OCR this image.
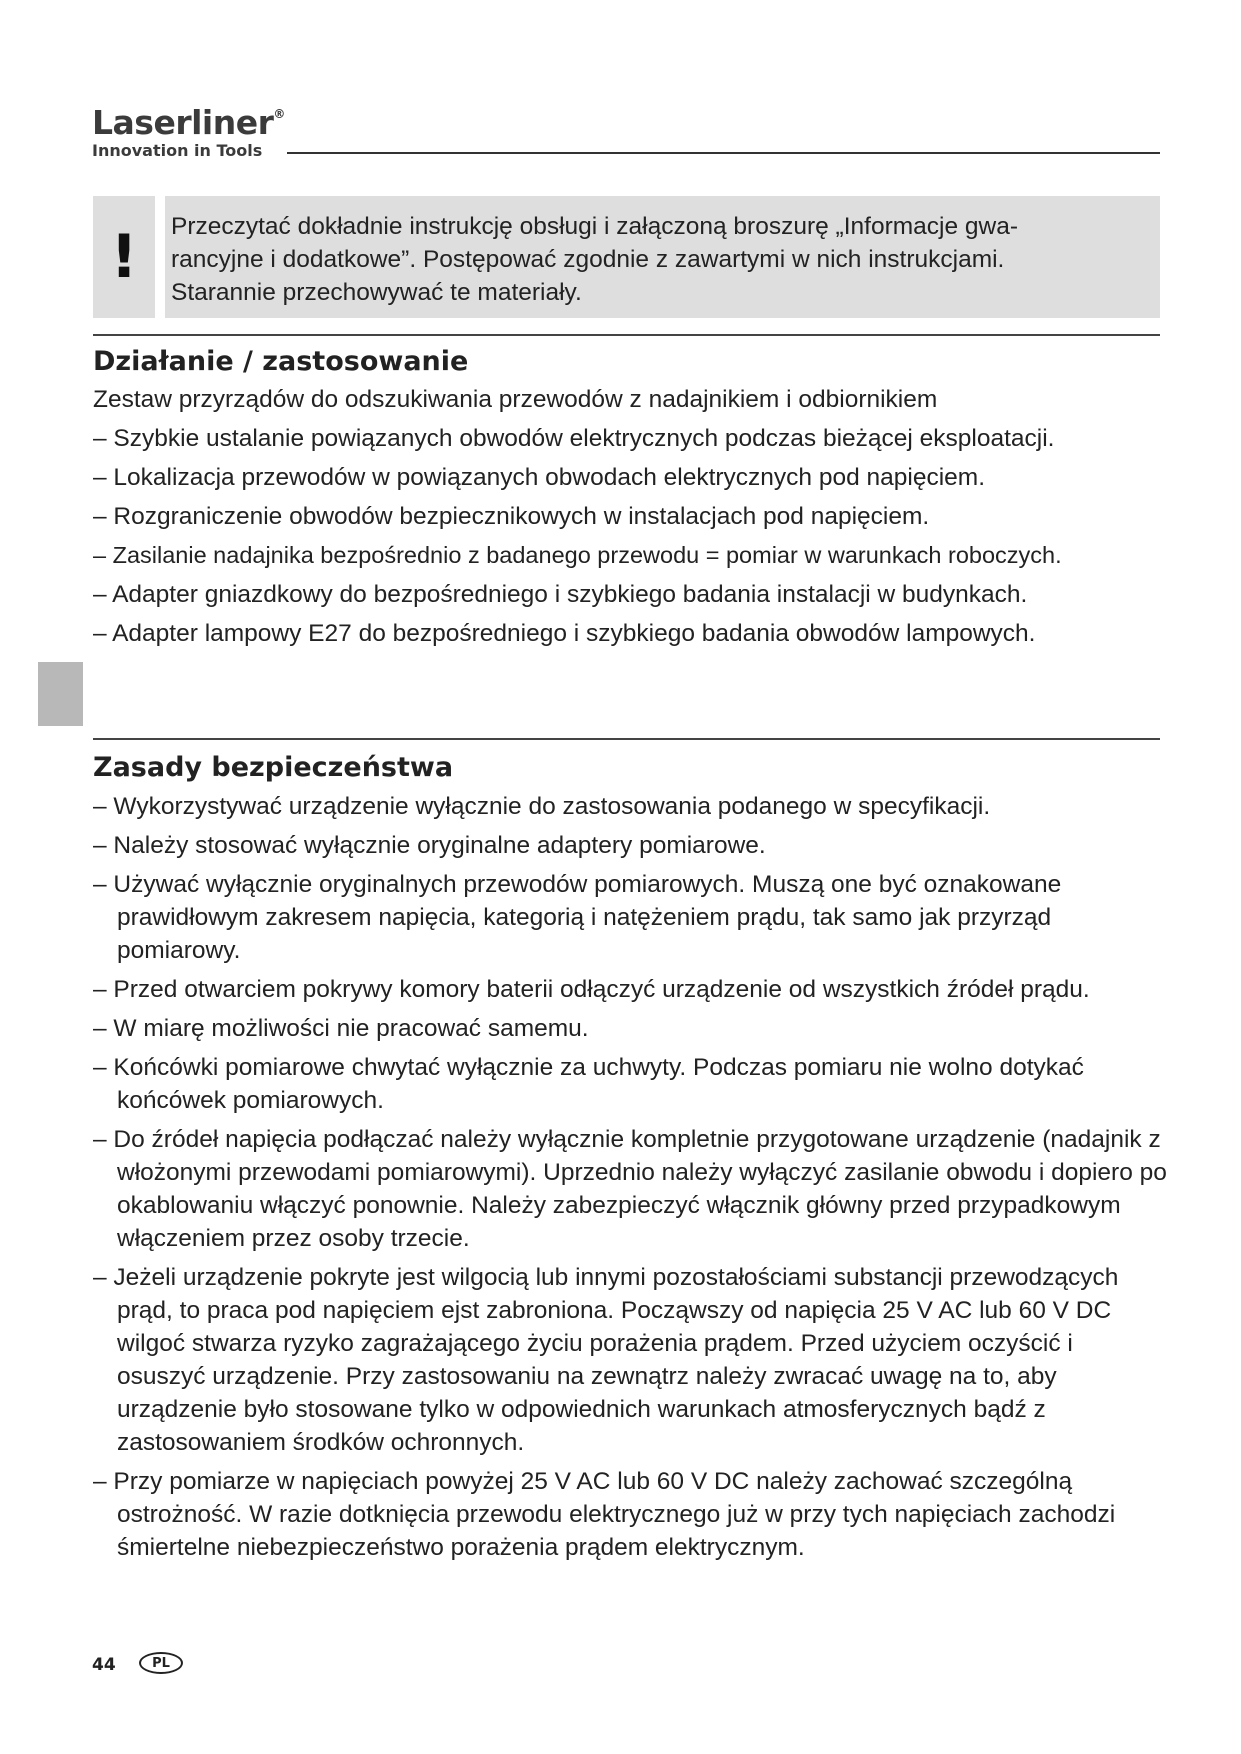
Laserliner®
Innovation in Tools
!	Przeczytać dokładnie instrukcję obsługi i załączoną broszurę „Informacje gwa-
rancyjne i dodatkowe”. Postępować zgodnie z zawartymi w nich instrukcjami.
Starannie przechowywać te materiały.
Działanie / zastosowanie
Zestaw przyrządów do odszukiwania przewodów z nadajnikiem i odbiornikiem
– Szybkie ustalanie powiązanych obwodów elektrycznych podczas bieżącej eksploatacji.
– Lokalizacja przewodów w powiązanych obwodach elektrycznych pod napięciem.
– Rozgraniczenie obwodów bezpiecznikowych w instalacjach pod napięciem.
– Zasilanie nadajnika bezpośrednio z badanego przewodu = pomiar w warunkach roboczych.
– Adapter gniazdkowy do bezpośredniego i szybkiego badania instalacji w budynkach.
– Adapter lampowy E27 do bezpośredniego i szybkiego badania obwodów lampowych.
Zasady bezpieczeństwa
– Wykorzystywać urządzenie wyłącznie do zastosowania podanego w specyfikacji.
– Należy stosować wyłącznie oryginalne adaptery pomiarowe.
– Używać wyłącznie oryginalnych przewodów pomiarowych. Muszą one być oznakowane prawidłowym zakresem napięcia, kategorią i natężeniem prądu, tak samo jak przyrząd pomiarowy.
– Przed otwarciem pokrywy komory baterii odłączyć urządzenie od wszystkich źródeł prądu.
– W miarę możliwości nie pracować samemu.
– Końcówki pomiarowe chwytać wyłącznie za uchwyty. Podczas pomiaru nie wolno dotykać końcówek pomiarowych.
– Do źródeł napięcia podłączać należy wyłącznie kompletnie przygotowane urządzenie (nadajnik z włożonymi przewodami pomiarowymi). Uprzednio należy wyłączyć zasilanie obwodu i dopiero po okablowaniu włączyć ponownie. Należy zabezpieczyć włącznik główny przed przypadkowym włączeniem przez osoby trzecie.
– Jeżeli urządzenie pokryte jest wilgocią lub innymi pozostałościami substancji przewodzących prąd, to praca pod napięciem ejst zabroniona. Począwszy od napięcia 25 V AC lub 60 V DC wilgoć stwarza ryzyko zagrażającego życiu porażenia prądem. Przed użyciem oczyścić i osuszyć urządzenie. Przy zastosowaniu na zewnątrz należy zwracać uwagę na to, aby urządzenie było stosowane tylko w odpowiednich warunkach atmosferycznych bądź z zastosowaniem środków ochronnych.
– Przy pomiarze w napięciach powyżej 25 V AC lub 60 V DC należy zachować szczególną ostrożność. W razie dotknięcia przewodu elektrycznego już w przy tych napięciach zachodzi śmiertelne niebezpieczeństwo porażenia prądem elektrycznym.
44	PL
